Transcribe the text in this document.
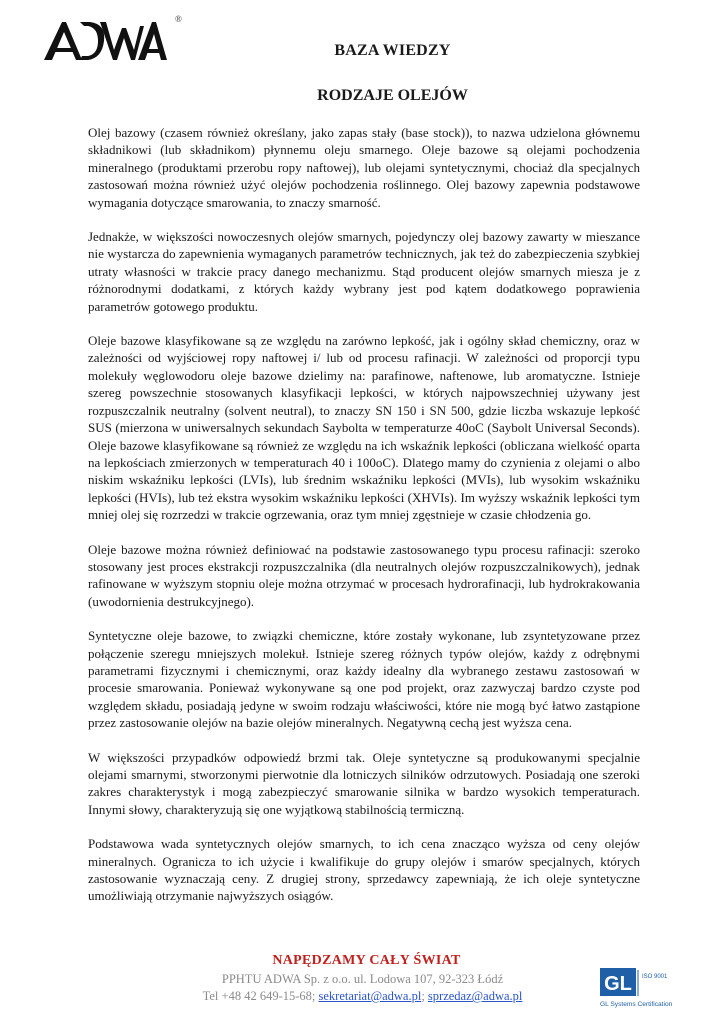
®
BAZA WIEDZY
RODZAJE OLEJÓW

Olej bazowy (czasem również określany, jako zapas stały (base stock)), to nazwa udzielona głównemu składnikowi (lub składnikom) płynnemu oleju smarnego. Oleje bazowe są olejami pochodzenia mineralnego (produktami przerobu ropy naftowej), lub olejami syntetycznymi, chociaż dla specjalnych zastosowań można również użyć olejów pochodzenia roślinnego. Olej bazowy zapewnia podstawowe wymagania dotyczące smarowania, to znaczy smarność.

Jednakże, w większości nowoczesnych olejów smarnych, pojedynczy olej bazowy zawarty w mieszance nie wystarcza do zapewnienia wymaganych parametrów technicznych, jak też do zabezpieczenia szybkiej utraty własności w trakcie pracy danego mechanizmu. Stąd producent olejów smarnych miesza je z różnorodnymi dodatkami, z których każdy wybrany jest pod kątem dodatkowego poprawienia parametrów gotowego produktu.

Oleje bazowe klasyfikowane są ze względu na zarówno lepkość, jak i ogólny skład chemiczny, oraz w zależności od wyjściowej ropy naftowej i/ lub od procesu rafinacji. W zależności od proporcji typu molekuły węglowodoru oleje bazowe dzielimy na: parafinowe, naftenowe, lub aromatyczne. Istnieje szereg powszechnie stosowanych klasyfikacji lepkości, w których najpowszechniej używany jest rozpuszczalnik neutralny (solvent neutral), to znaczy SN 150 i SN 500, gdzie liczba wskazuje lepkość SUS (mierzona w uniwersalnych sekundach Saybolta w temperaturze 40oC (Saybolt Universal Seconds). Oleje bazowe klasyfikowane są również ze względu na ich wskaźnik lepkości (obliczana wielkość oparta na lepkościach zmierzonych w temperaturach 40 i 100oC). Dlatego mamy do czynienia z olejami o albo niskim wskaźniku lepkości (LVIs), lub średnim wskaźniku lepkości (MVIs), lub wysokim wskaźniku lepkości (HVIs), lub też ekstra wysokim wskaźniku lepkości (XHVIs). Im wyższy wskaźnik lepkości tym mniej olej się rozrzedzi w trakcie ogrzewania, oraz tym mniej zgęstnieje w czasie chłodzenia go.

Oleje bazowe można również definiować na podstawie zastosowanego typu procesu rafinacji: szeroko stosowany jest proces ekstrakcji rozpuszczalnika (dla neutralnych olejów rozpuszczalnikowych), jednak rafinowane w wyższym stopniu oleje można otrzymać w procesach hydrorafinacji, lub hydrokrakowania (uwodornienia destrukcyjnego).

Syntetyczne oleje bazowe, to związki chemiczne, które zostały wykonane, lub zsyntetyzowane przez połączenie szeregu mniejszych molekuł. Istnieje szereg różnych typów olejów, każdy z odrębnymi parametrami fizycznymi i chemicznymi, oraz każdy idealny dla wybranego zestawu zastosowań w procesie smarowania. Ponieważ wykonywane są one pod projekt, oraz zazwyczaj bardzo czyste pod względem składu, posiadają jedyne w swoim rodzaju właściwości, które nie mogą być łatwo zastąpione przez zastosowanie olejów na bazie olejów mineralnych. Negatywną cechą jest wyższa cena.

W większości przypadków odpowiedź brzmi tak. Oleje syntetyczne są produkowanymi specjalnie olejami smarnymi, stworzonymi pierwotnie dla lotniczych silników odrzutowych. Posiadają one szeroki zakres charakterystyk i mogą zabezpieczyć smarowanie silnika w bardzo wysokich temperaturach. Innymi słowy, charakteryzują się one wyjątkową stabilnością termiczną.

Podstawowa wada syntetycznych olejów smarnych, to ich cena znacząco wyższa od ceny olejów mineralnych. Ogranicza to ich użycie i kwalifikuje do grupy olejów i smarów specjalnych, których zastosowanie wyznaczają ceny. Z drugiej strony, sprzedawcy zapewniają, że ich oleje syntetyczne umożliwiają otrzymanie najwyższych osiągów.

NAPĘDZAMY CAŁY ŚWIAT
PPHTU ADWA Sp. z o.o. ul. Lodowa 107, 92-323 Łódź
Tel +48 42 649-15-68; sekretariat@adwa.pl; sprzedaz@adwa.pl
GL ISO 9001
GL Systems Certification
